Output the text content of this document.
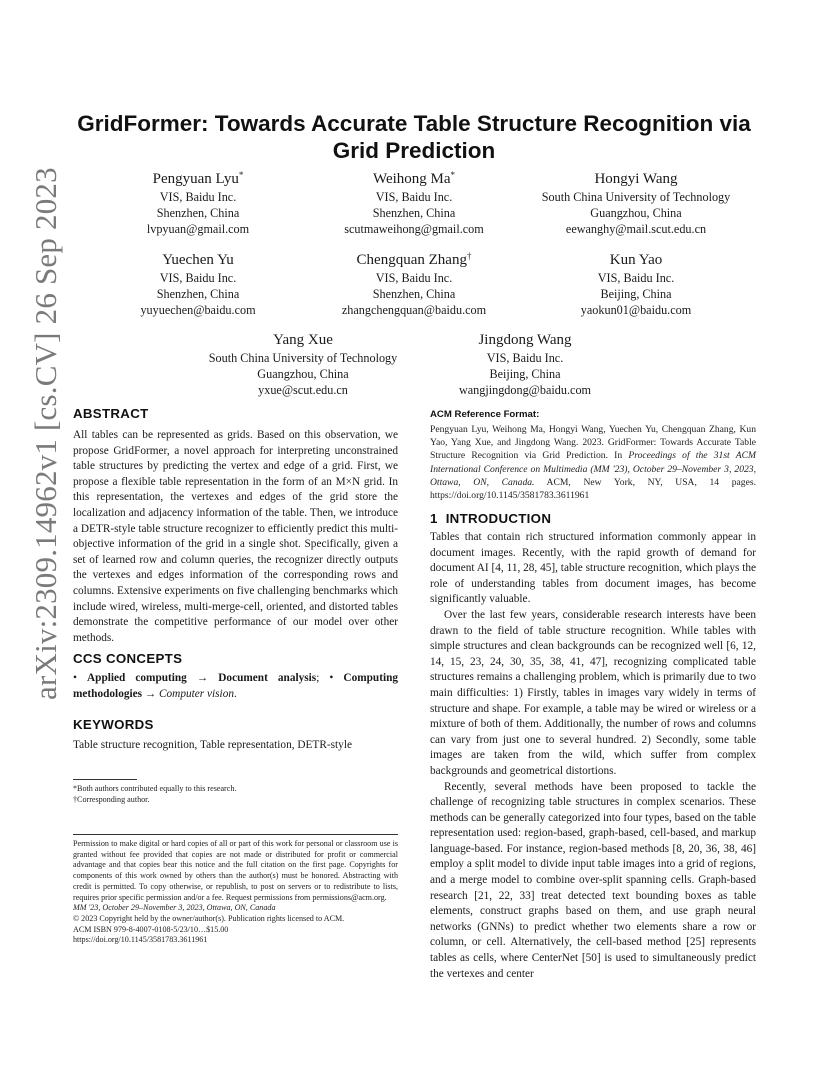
arXiv:2309.14962v1 [cs.CV] 26 Sep 2023
GridFormer: Towards Accurate Table Structure Recognition via
Grid Prediction
Pengyuan Lyu*
VIS, Baidu Inc.
Shenzhen, China
lvpyuan@gmail.com
Weihong Ma*
VIS, Baidu Inc.
Shenzhen, China
scutmaweihong@gmail.com
Hongyi Wang
South China University of Technology
Guangzhou, China
eewanghy@mail.scut.edu.cn
Yuechen Yu
VIS, Baidu Inc.
Shenzhen, China
yuyuechen@baidu.com
Chengquan Zhang†
VIS, Baidu Inc.
Shenzhen, China
zhangchengquan@baidu.com
Kun Yao
VIS, Baidu Inc.
Beijing, China
yaokun01@baidu.com
Yang Xue
South China University of Technology
Guangzhou, China
yxue@scut.edu.cn
Jingdong Wang
VIS, Baidu Inc.
Beijing, China
wangjingdong@baidu.com
ABSTRACT

All tables can be represented as grids. Based on this observation, we propose GridFormer, a novel approach for interpreting unconstrained table structures by predicting the vertex and edge of a grid. First, we propose a flexible table representation in the form of an M×N grid. In this representation, the vertexes and edges of the grid store the localization and adjacency information of the table. Then, we introduce a DETR-style table structure recognizer to efficiently predict this multi-objective information of the grid in a single shot. Specifically, given a set of learned row and column queries, the recognizer directly outputs the vertexes and edges information of the corresponding rows and columns. Extensive experiments on five challenging benchmarks which include wired, wireless, multi-merge-cell, oriented, and distorted tables demonstrate the competitive performance of our model over other methods.

CCS CONCEPTS

• Applied computing → Document analysis; • Computing methodologies → Computer vision.

KEYWORDS
Table structure recognition, Table representation, DETR-style

*Both authors contributed equally to this research.

†Corresponding author.

Permission to make digital or hard copies of all or part of this work for personal or classroom use is granted without fee provided that copies are not made or distributed for profit or commercial advantage and that copies bear this notice and the full citation on the first page. Copyrights for components of this work owned by others than the author(s) must be honored. Abstracting with credit is permitted. To copy otherwise, or republish, to post on servers or to redistribute to lists, requires prior specific permission and/or a fee. Request permissions from permissions@acm.org.

MM '23, October 29–November 3, 2023, Ottawa, ON, Canada

© 2023 Copyright held by the owner/author(s). Publication rights licensed to ACM.

ACM ISBN 979-8-4007-0108-5/23/10…$15.00

https://doi.org/10.1145/3581783.3611961

ACM Reference Format:
Pengyuan Lyu, Weihong Ma, Hongyi Wang, Yuechen Yu, Chengquan Zhang, Kun Yao, Yang Xue, and Jingdong Wang. 2023. GridFormer: Towards Accurate Table Structure Recognition via Grid Prediction. In Proceedings of the 31st ACM International Conference on Multimedia (MM '23), October 29–November 3, 2023, Ottawa, ON, Canada. ACM, New York, NY, USA, 14 pages. https://doi.org/10.1145/3581783.3611961
1 INTRODUCTION

Tables that contain rich structured information commonly appear in document images. Recently, with the rapid growth of demand for document AI [4, 11, 28, 45], table structure recognition, which plays the role of understanding tables from document images, has become significantly valuable.

Over the last few years, considerable research interests have been drawn to the field of table structure recognition. While tables with simple structures and clean backgrounds can be recognized well [6, 12, 14, 15, 23, 24, 30, 35, 38, 41, 47], recognizing complicated table structures remains a challenging problem, which is primarily due to two main difficulties: 1) Firstly, tables in images vary widely in terms of structure and shape. For example, a table may be wired or wireless or a mixture of both of them. Additionally, the number of rows and columns can vary from just one to several hundred. 2) Secondly, some table images are taken from the wild, which suffer from complex backgrounds and geometrical distortions.

Recently, several methods have been proposed to tackle the challenge of recognizing table structures in complex scenarios. These methods can be generally categorized into four types, based on the table representation used: region-based, graph-based, cell-based, and markup language-based. For instance, region-based methods [8, 20, 36, 38, 46] employ a split model to divide input table images into a grid of regions, and a merge model to combine over-split spanning cells. Graph-based research [21, 22, 33] treat detected text bounding boxes as table elements, construct graphs based on them, and use graph neural networks (GNNs) to predict whether two elements share a row or column, or cell. Alternatively, the cell-based method [25] represents tables as cells, where CenterNet [50] is used to simultaneously predict the vertexes and center
